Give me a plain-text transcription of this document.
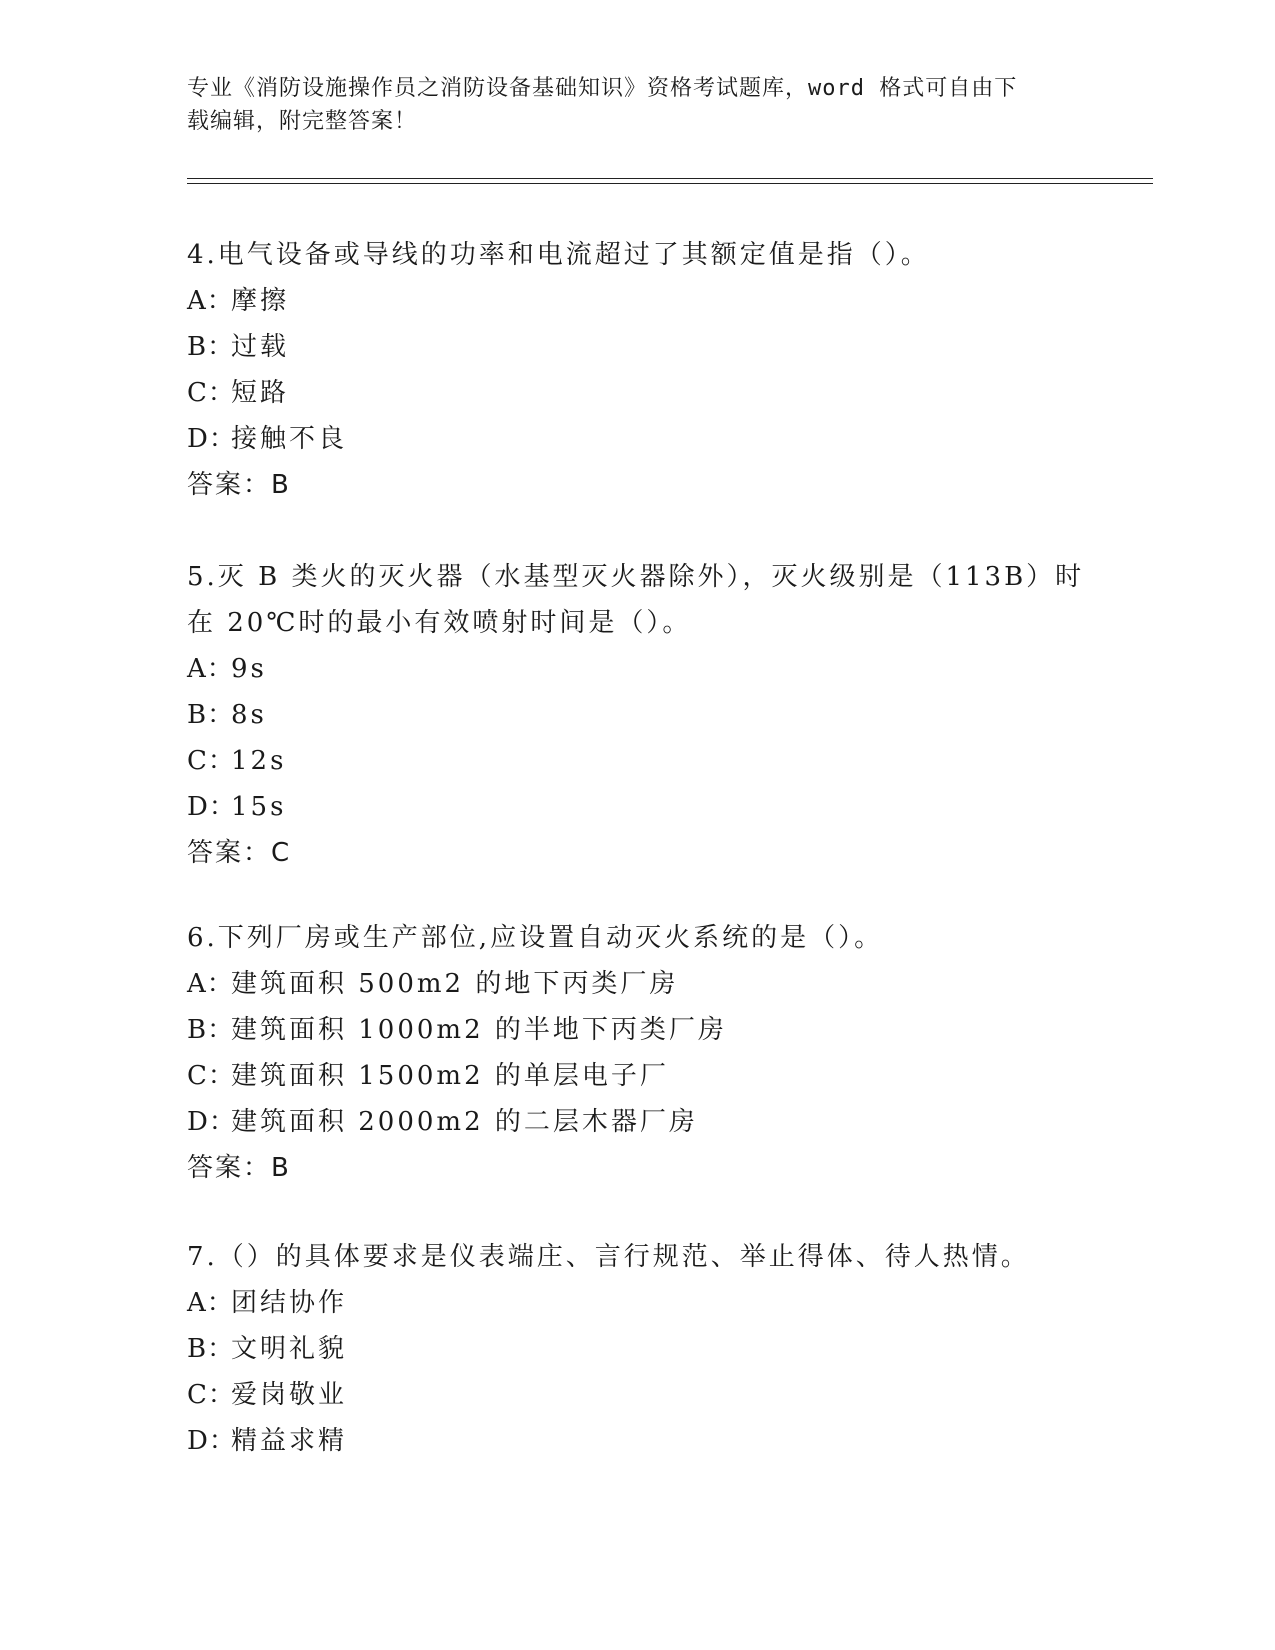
专业《消防设施操作员之消防设备基础知识》资格考试题库，word 格式可自由下
载编辑，附完整答案！
4.电气设备或导线的功率和电流超过了其额定值是指（）。
A：摩擦
B：过载
C：短路
D：接触不良
答案：B
5.灭 B 类火的灭火器（水基型灭火器除外），灭火级别是（113B）时
在 20℃时的最小有效喷射时间是（）。
A：9s
B：8s
C：12s
D：15s
答案：C
6.下列厂房或生产部位,应设置自动灭火系统的是（）。
A：建筑面积 500m2 的地下丙类厂房
B：建筑面积 1000m2 的半地下丙类厂房
C：建筑面积 1500m2 的单层电子厂
D：建筑面积 2000m2 的二层木器厂房
答案：B
7.（）的具体要求是仪表端庄、言行规范、举止得体、待人热情。
A：团结协作
B：文明礼貌
C：爱岗敬业
D：精益求精
